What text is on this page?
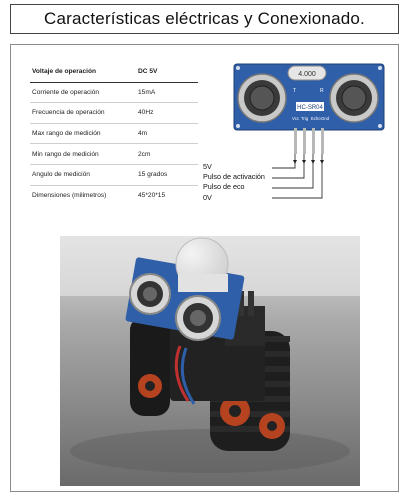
Características eléctricas y Conexionado.
Voltaje de operación	DC 5V
Corriente de operación	15mA
Frecuencia de operación	40Hz
Max rango de medición	4m
Min rango de medición	2cm
Angulo de medición	15 grados
Dimensiones (milimetros)	45*20*15
4.000
T	R
HC-SR04
Vcc Trig Echo Gnd
5V
Pulso de activación
Pulso de eco
0V
